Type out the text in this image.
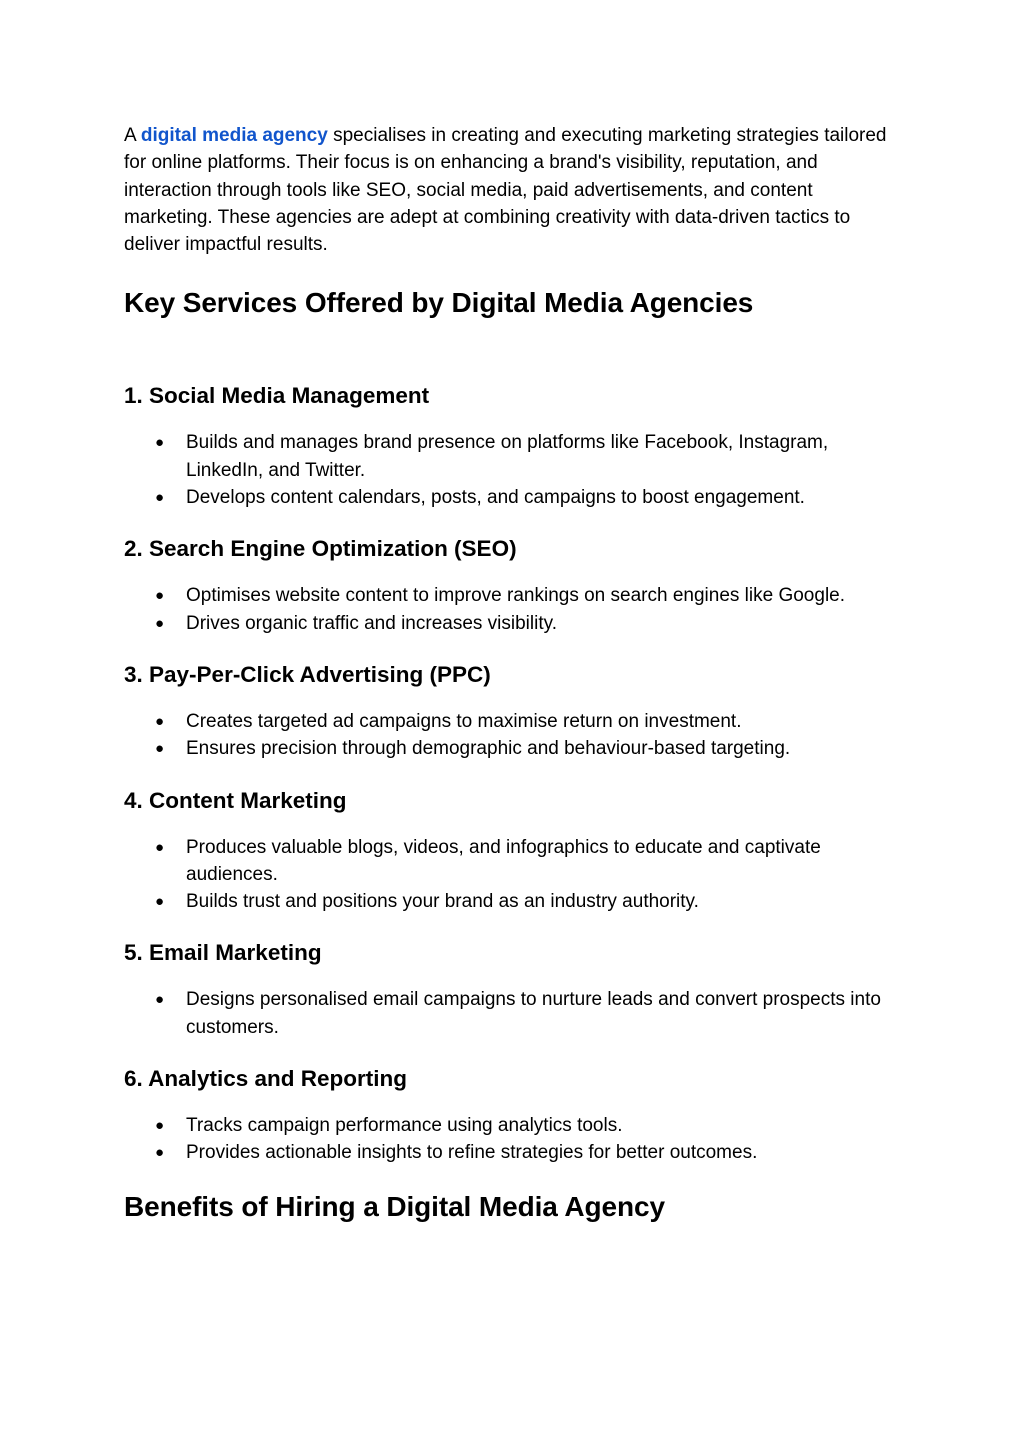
A digital media agency specialises in creating and executing marketing strategies tailored for online platforms. Their focus is on enhancing a brand's visibility, reputation, and interaction through tools like SEO, social media, paid advertisements, and content marketing. These agencies are adept at combining creativity with data-driven tactics to deliver impactful results.

Key Services Offered by Digital Media Agencies
1. Social Media Management
● Builds and manages brand presence on platforms like Facebook, Instagram, LinkedIn, and Twitter.
● Develops content calendars, posts, and campaigns to boost engagement.
2. Search Engine Optimization (SEO)
● Optimises website content to improve rankings on search engines like Google.
● Drives organic traffic and increases visibility.
3. Pay-Per-Click Advertising (PPC)
● Creates targeted ad campaigns to maximise return on investment.
● Ensures precision through demographic and behaviour-based targeting.
4. Content Marketing
● Produces valuable blogs, videos, and infographics to educate and captivate audiences.
● Builds trust and positions your brand as an industry authority.
5. Email Marketing
● Designs personalised email campaigns to nurture leads and convert prospects into customers.
6. Analytics and Reporting
● Tracks campaign performance using analytics tools.
● Provides actionable insights to refine strategies for better outcomes.
Benefits of Hiring a Digital Media Agency
